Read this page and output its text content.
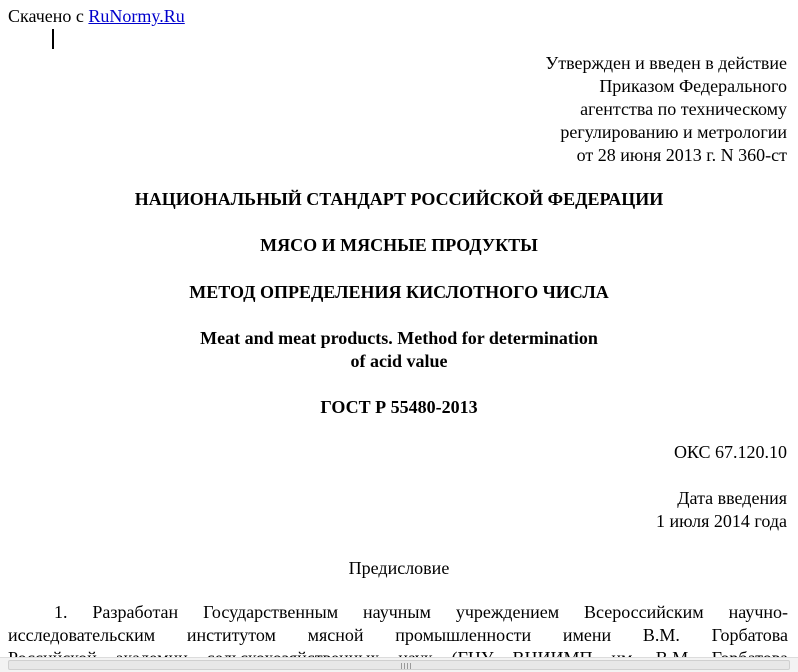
Скачено с RuNormy.Ru
Утвержден и введен в действие
Приказом Федерального
агентства по техническому
регулированию и метрологии
от 28 июня 2013 г. N 360-ст
НАЦИОНАЛЬНЫЙ СТАНДАРТ РОССИЙСКОЙ ФЕДЕРАЦИИ
МЯСО И МЯСНЫЕ ПРОДУКТЫ
МЕТОД ОПРЕДЕЛЕНИЯ КИСЛОТНОГО ЧИСЛА
Meat and meat products. Method for determination
of acid value
ГОСТ Р 55480-2013
ОКС 67.120.10
Дата введения
1 июля 2014 года
Предисловие
1. Разработан Государственным научным учреждением Всероссийским научно-
исследовательским институтом мясной промышленности имени В.М. Горбатова
